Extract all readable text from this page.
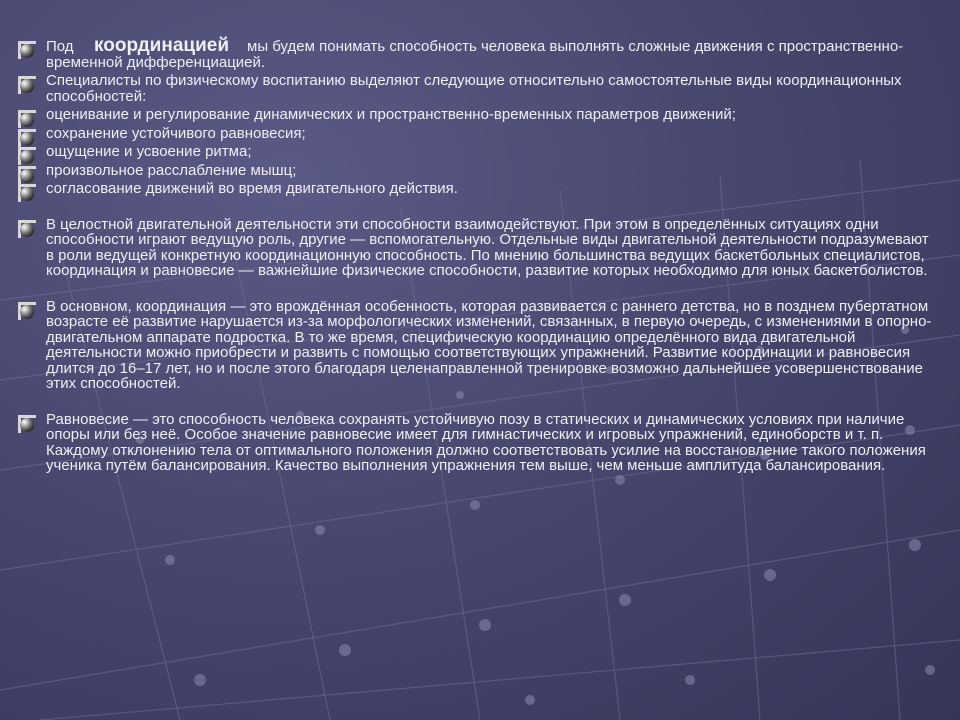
Под координацией мы будем понимать способность человека выполнять сложные движения с пространственно-временной дифференциацией.
Специалисты по физическому воспитанию выделяют следующие относительно самостоятельные виды координационных способностей:
оценивание и регулирование динамических и пространственно-временных параметров движений;
сохранение устойчивого равновесия;
ощущение и усвоение ритма;
произвольное расслабление мышц;
согласование движений во время двигательного действия.
В целостной двигательной деятельности эти способности взаимодействуют. При этом в определённых ситуациях одни способности играют ведущую роль, другие — вспомогательную. Отдельные виды двигательной деятельности подразумевают в роли ведущей конкретную координационную способность. По мнению большинства ведущих баскетбольных специалистов, координация и равновесие — важнейшие физические способности, развитие которых необходимо для юных баскетболистов.
В основном, координация — это врождённая особенность, которая развивается с раннего детства, но в позднем пубертатном возрасте её развитие нарушается из-за морфологических изменений, связанных, в первую очередь, с изменениями в опорно-двигательном аппарате подростка. В то же время, специфическую координацию определённого вида двигательной деятельности можно приобрести и развить с помощью соответствующих упражнений. Развитие координации и равновесия длится до 16–17 лет, но и после этого благодаря целенаправленной тренировке возможно дальнейшее усовершенствование этих способностей.
Равновесие — это способность человека сохранять устойчивую позу в статических и динамических условиях при наличие опоры или без неё. Особое значение равновесие имеет для гимнастических и игровых упражнений, единоборств и т. п. Каждому отклонению тела от оптимального положения должно соответствовать усилие на восстановление такого положения ученика путём балансирования. Качество выполнения упражнения тем выше, чем меньше амплитуда балансирования.
